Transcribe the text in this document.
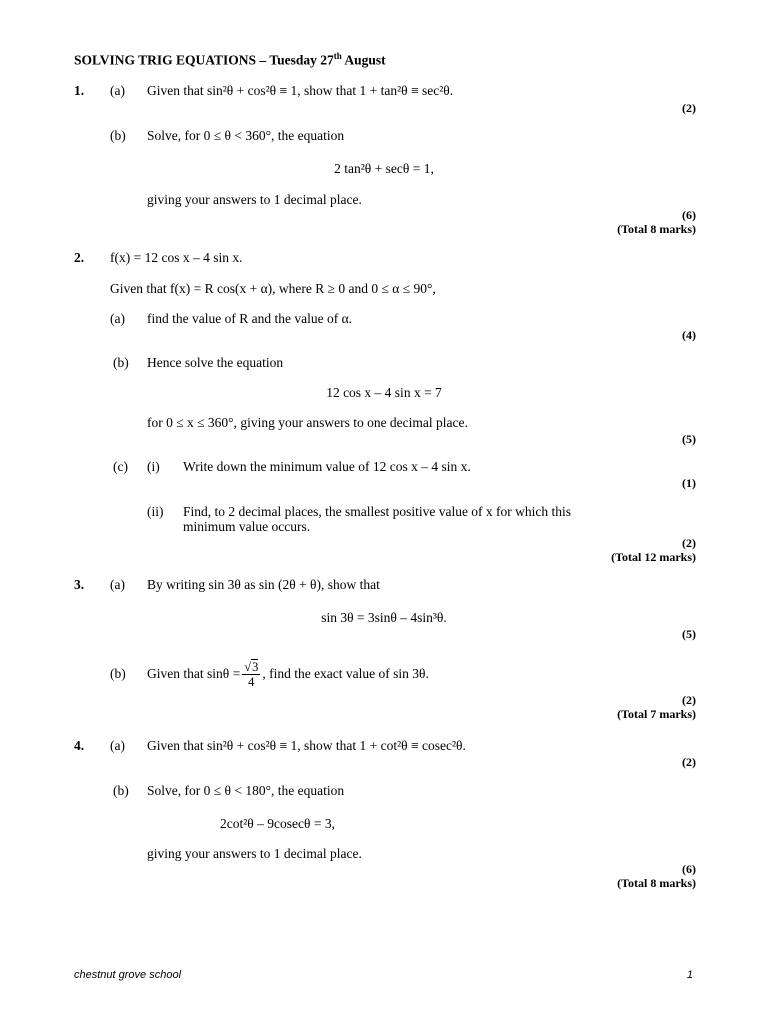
SOLVING TRIG EQUATIONS – Tuesday 27th August
1. (a) Given that sin²θ + cos²θ ≡ 1, show that 1 + tan²θ ≡ sec²θ.
(2)
(b) Solve, for 0 ≤ θ < 360°, the equation
2 tan²θ + secθ = 1,
giving your answers to 1 decimal place.
(6)
(Total 8 marks)
2. f(x) = 12 cos x – 4 sin x.
Given that f(x) = R cos(x + α), where R ≥ 0 and 0 ≤ α ≤ 90°,
(a) find the value of R and the value of α.
(4)
(b) Hence solve the equation
12 cos x – 4 sin x = 7
for 0 ≤ x ≤ 360°, giving your answers to one decimal place.
(5)
(c) (i) Write down the minimum value of 12 cos x – 4 sin x.
(1)
(ii) Find, to 2 decimal places, the smallest positive value of x for which this
minimum value occurs.
(2)
(Total 12 marks)
3. (a) By writing sin 3θ as sin (2θ + θ), show that
sin 3θ = 3sinθ – 4sin³θ.
(5)
(b) Given that $\sin\theta = \frac{√3}{4}$ , find the exact value of sin 3θ.
(2)
(Total 7 marks)
4. (a) Given that sin²θ + cos²θ ≡ 1, show that 1 + cot²θ ≡ cosec²θ.
(2)
(b) Solve, for 0 ≤ θ < 180°, the equation
2cot²θ – 9cosecθ = 3,
giving your answers to 1 decimal place.
(6)
(Total 8 marks)
chestnut grove school	1
